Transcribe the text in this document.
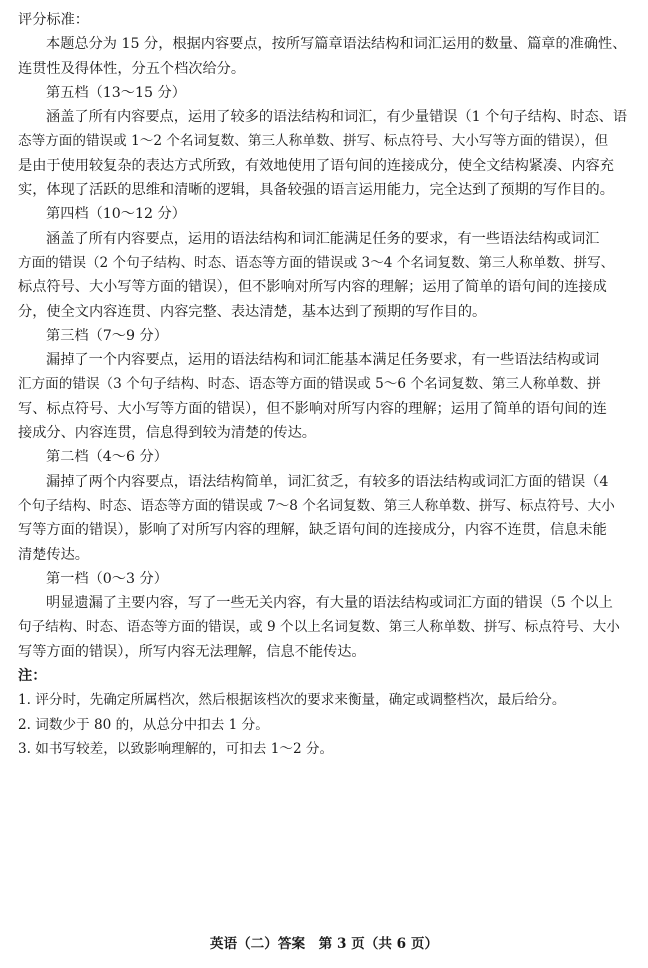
评分标准：
本题总分为 15 分，根据内容要点，按所写篇章语法结构和词汇运用的数量、篇章的准确性、
连贯性及得体性，分五个档次给分。
第五档（13～15 分）
涵盖了所有内容要点，运用了较多的语法结构和词汇，有少量错误（1 个句子结构、时态、语
态等方面的错误或 1～2 个名词复数、第三人称单数、拼写、标点符号、大小写等方面的错误），但
是由于使用较复杂的表达方式所致，有效地使用了语句间的连接成分，使全文结构紧凑、内容充
实，体现了活跃的思维和清晰的逻辑，具备较强的语言运用能力，完全达到了预期的写作目的。
第四档（10～12 分）
涵盖了所有内容要点，运用的语法结构和词汇能满足任务的要求，有一些语法结构或词汇
方面的错误（2 个句子结构、时态、语态等方面的错误或 3～4 个名词复数、第三人称单数、拼写、
标点符号、大小写等方面的错误），但不影响对所写内容的理解；运用了简单的语句间的连接成
分，使全文内容连贯、内容完整、表达清楚，基本达到了预期的写作目的。
第三档（7～9 分）
漏掉了一个内容要点，运用的语法结构和词汇能基本满足任务要求，有一些语法结构或词
汇方面的错误（3 个句子结构、时态、语态等方面的错误或 5～6 个名词复数、第三人称单数、拼
写、标点符号、大小写等方面的错误），但不影响对所写内容的理解；运用了简单的语句间的连
接成分、内容连贯，信息得到较为清楚的传达。
第二档（4～6 分）
漏掉了两个内容要点，语法结构简单，词汇贫乏，有较多的语法结构或词汇方面的错误（4
个句子结构、时态、语态等方面的错误或 7～8 个名词复数、第三人称单数、拼写、标点符号、大小
写等方面的错误），影响了对所写内容的理解，缺乏语句间的连接成分，内容不连贯，信息未能
清楚传达。
第一档（0～3 分）
明显遗漏了主要内容，写了一些无关内容，有大量的语法结构或词汇方面的错误（5 个以上
句子结构、时态、语态等方面的错误，或 9 个以上名词复数、第三人称单数、拼写、标点符号、大小
写等方面的错误），所写内容无法理解，信息不能传达。
注：
1. 评分时，先确定所属档次，然后根据该档次的要求来衡量，确定或调整档次，最后给分。
2. 词数少于 80 的，从总分中扣去 1 分。
3. 如书写较差，以致影响理解的，可扣去 1～2 分。
英语（二）答案　第 3 页（共 6 页）
